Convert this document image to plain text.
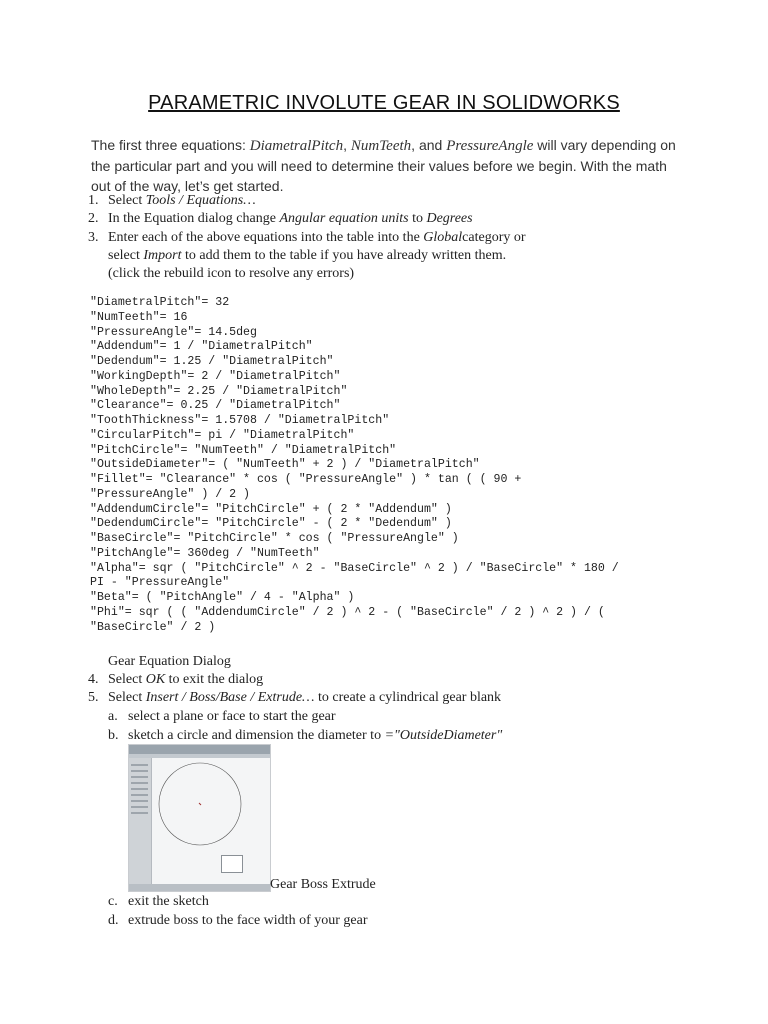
PARAMETRIC INVOLUTE GEAR IN SOLIDWORKS
The first three equations: DiametralPitch, NumTeeth, and PressureAngle will vary depending on the particular part and you will need to determine their values before we begin. With the math out of the way, let’s get started.
1. Select Tools / Equations…
2. In the Equation dialog change Angular equation units to Degrees
3. Enter each of the above equations into the table into the Globalcategory or
select Import to add them to the table if you have already written them.
(click the rebuild icon to resolve any errors)
"DiametralPitch"= 32
"NumTeeth"= 16
"PressureAngle"= 14.5deg
"Addendum"= 1 / "DiametralPitch"
"Dedendum"= 1.25 / "DiametralPitch"
"WorkingDepth"= 2 / "DiametralPitch"
"WholeDepth"= 2.25 / "DiametralPitch"
"Clearance"= 0.25 / "DiametralPitch"
"ToothThickness"= 1.5708 / "DiametralPitch"
"CircularPitch"= pi / "DiametralPitch"
"PitchCircle"= "NumTeeth" / "DiametralPitch"
"OutsideDiameter"= ( "NumTeeth" + 2 ) / "DiametralPitch"
"Fillet"= "Clearance" * cos ( "PressureAngle" ) * tan ( ( 90 +
"PressureAngle" ) / 2 )
"AddendumCircle"= "PitchCircle" + ( 2 * "Addendum" )
"DedendumCircle"= "PitchCircle" - ( 2 * "Dedendum" )
"BaseCircle"= "PitchCircle" * cos ( "PressureAngle" )
"PitchAngle"= 360deg / "NumTeeth"
"Alpha"= sqr ( "PitchCircle" ^ 2 - "BaseCircle" ^ 2 ) / "BaseCircle" * 180 /
PI - "PressureAngle"
"Beta"= ( "PitchAngle" / 4 - "Alpha" )
"Phi"= sqr ( ( "AddendumCircle" / 2 ) ^ 2 - ( "BaseCircle" / 2 ) ^ 2 ) / (
"BaseCircle" / 2 )
Gear Equation Dialog
4. Select OK to exit the dialog
5. Select Insert / Boss/Base / Extrude… to create a cylindrical gear blank
a. select a plane or face to start the gear
b. sketch a circle and dimension the diameter to ="OutsideDiameter"
Gear Boss Extrude
c. exit the sketch
d. extrude boss to the face width of your gear
